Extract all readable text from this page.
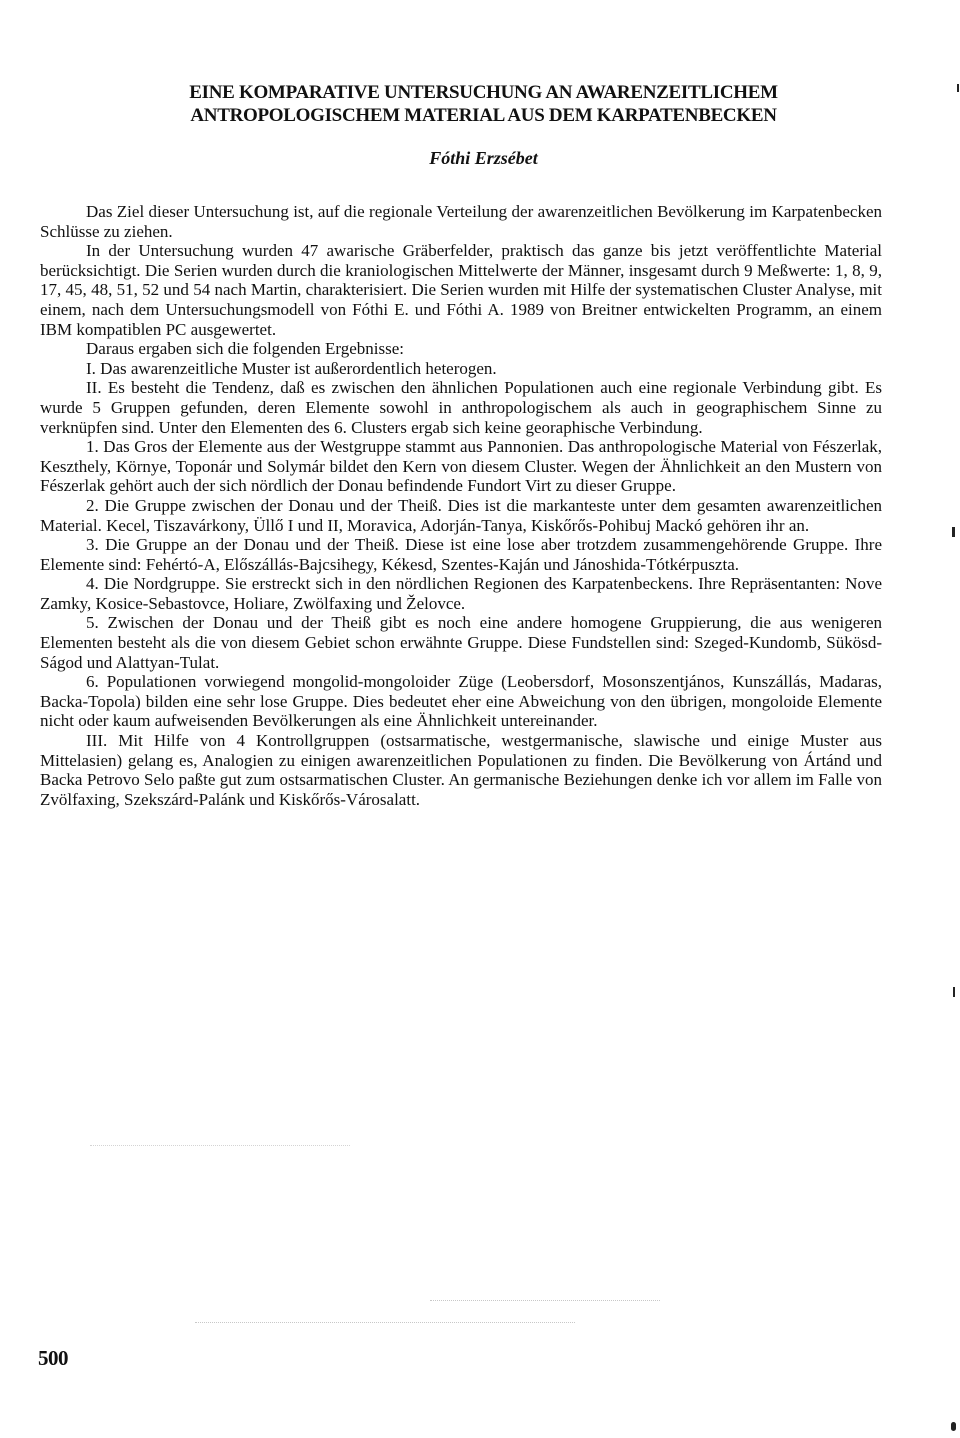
EINE KOMPARATIVE UNTERSUCHUNG AN AWARENZEITLICHEM
ANTROPOLOGISCHEM MATERIAL AUS DEM KARPATENBECKEN
Fóthi Erzsébet

Das Ziel dieser Untersuchung ist, auf die regionale Verteilung der awarenzeitlichen Bevölkerung im Karpatenbecken Schlüsse zu ziehen.

In der Untersuchung wurden 47 awarische Gräberfelder, praktisch das ganze bis jetzt veröffentlichte Material berücksichtigt. Die Serien wurden durch die kraniologischen Mittelwerte der Männer, insgesamt durch 9 Meßwerte: 1, 8, 9, 17, 45, 48, 51, 52 und 54 nach Martin, charakterisiert. Die Serien wurden mit Hilfe der systematischen Cluster Analyse, mit einem, nach dem Untersuchungsmodell von Fóthi E. und Fóthi A. 1989 von Breitner entwickelten Programm, an einem IBM kompatiblen PC ausgewertet.

Daraus ergaben sich die folgenden Ergebnisse:

I. Das awarenzeitliche Muster ist außerordentlich heterogen.

II. Es besteht die Tendenz, daß es zwischen den ähnlichen Populationen auch eine regionale Verbindung gibt. Es wurde 5 Gruppen gefunden, deren Elemente sowohl in anthropologischem als auch in geographischem Sinne zu verknüpfen sind. Unter den Elementen des 6. Clusters ergab sich keine georaphische Verbindung.

1. Das Gros der Elemente aus der Westgruppe stammt aus Pannonien. Das anthropologische Material von Fészerlak, Keszthely, Környe, Toponár und Solymár bildet den Kern von diesem Cluster. Wegen der Ähnlichkeit an den Mustern von Fészerlak gehört auch der sich nördlich der Donau befindende Fundort Virt zu dieser Gruppe.

2. Die Gruppe zwischen der Donau und der Theiß. Dies ist die markanteste unter dem gesamten awarenzeitlichen Material. Kecel, Tiszavárkony, Üllő I und II, Moravica, Adorján-Tanya, Kiskőrős-Pohibuj Mackó gehören ihr an.

3. Die Gruppe an der Donau und der Theiß. Diese ist eine lose aber trotzdem zusammengehörende Gruppe. Ihre Elemente sind: Fehértó-A, Előszállás-Bajcsihegy, Kékesd, Szentes-Kaján und Jánoshida-Tótkérpuszta.

4. Die Nordgruppe. Sie erstreckt sich in den nördlichen Regionen des Karpatenbeckens. Ihre Repräsentanten: Nove Zamky, Kosice-Sebastovce, Holiare, Zwölfaxing und Želovce.

5. Zwischen der Donau und der Theiß gibt es noch eine andere homogene Gruppierung, die aus wenigeren Elementen besteht als die von diesem Gebiet schon erwähnte Gruppe. Diese Fundstellen sind: Szeged-Kundomb, Sükösd-Ságod und Alattyan-Tulat.

6. Populationen vorwiegend mongolid-mongoloider Züge (Leobersdorf, Mosonszentjános, Kunszállás, Madaras, Backa-Topola) bilden eine sehr lose Gruppe. Dies bedeutet eher eine Abweichung von den übrigen, mongoloide Elemente nicht oder kaum aufweisenden Bevölkerungen als eine Ähnlichkeit untereinander.

III. Mit Hilfe von 4 Kontrollgruppen (ostsarmatische, westgermanische, slawische und einige Muster aus Mittelasien) gelang es, Analogien zu einigen awarenzeitlichen Populationen zu finden. Die Bevölkerung von Ártánd und Backa Petrovo Selo paßte gut zum ostsarmatischen Cluster. An germanische Beziehungen denke ich vor allem im Falle von Zvölfaxing, Szekszárd-Palánk und Kiskőrős-Városalatt.

500
